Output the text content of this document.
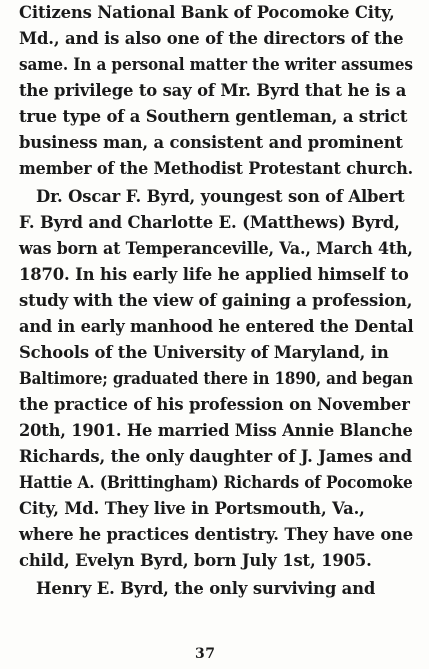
Citizens National Bank of Pocomoke City,
Md., and is also one of the directors of the
same. In a personal matter the writer assumes
the privilege to say of Mr. Byrd that he is a
true type of a Southern gentleman, a strict
business man, a consistent and prominent
member of the Methodist Protestant church.
Dr. Oscar F. Byrd, youngest son of Albert
F. Byrd and Charlotte E. (Matthews) Byrd,
was born at Temperanceville, Va., March 4th,
1870. In his early life he applied himself to
study with the view of gaining a profession,
and in early manhood he entered the Dental
Schools of the University of Maryland, in
Baltimore; graduated there in 1890, and began
the practice of his profession on November
20th, 1901. He married Miss Annie Blanche
Richards, the only daughter of J. James and
Hattie A. (Brittingham) Richards of Pocomoke
City, Md. They live in Portsmouth, Va.,
where he practices dentistry. They have one
child, Evelyn Byrd, born July 1st, 1905.
Henry E. Byrd, the only surviving and
37
